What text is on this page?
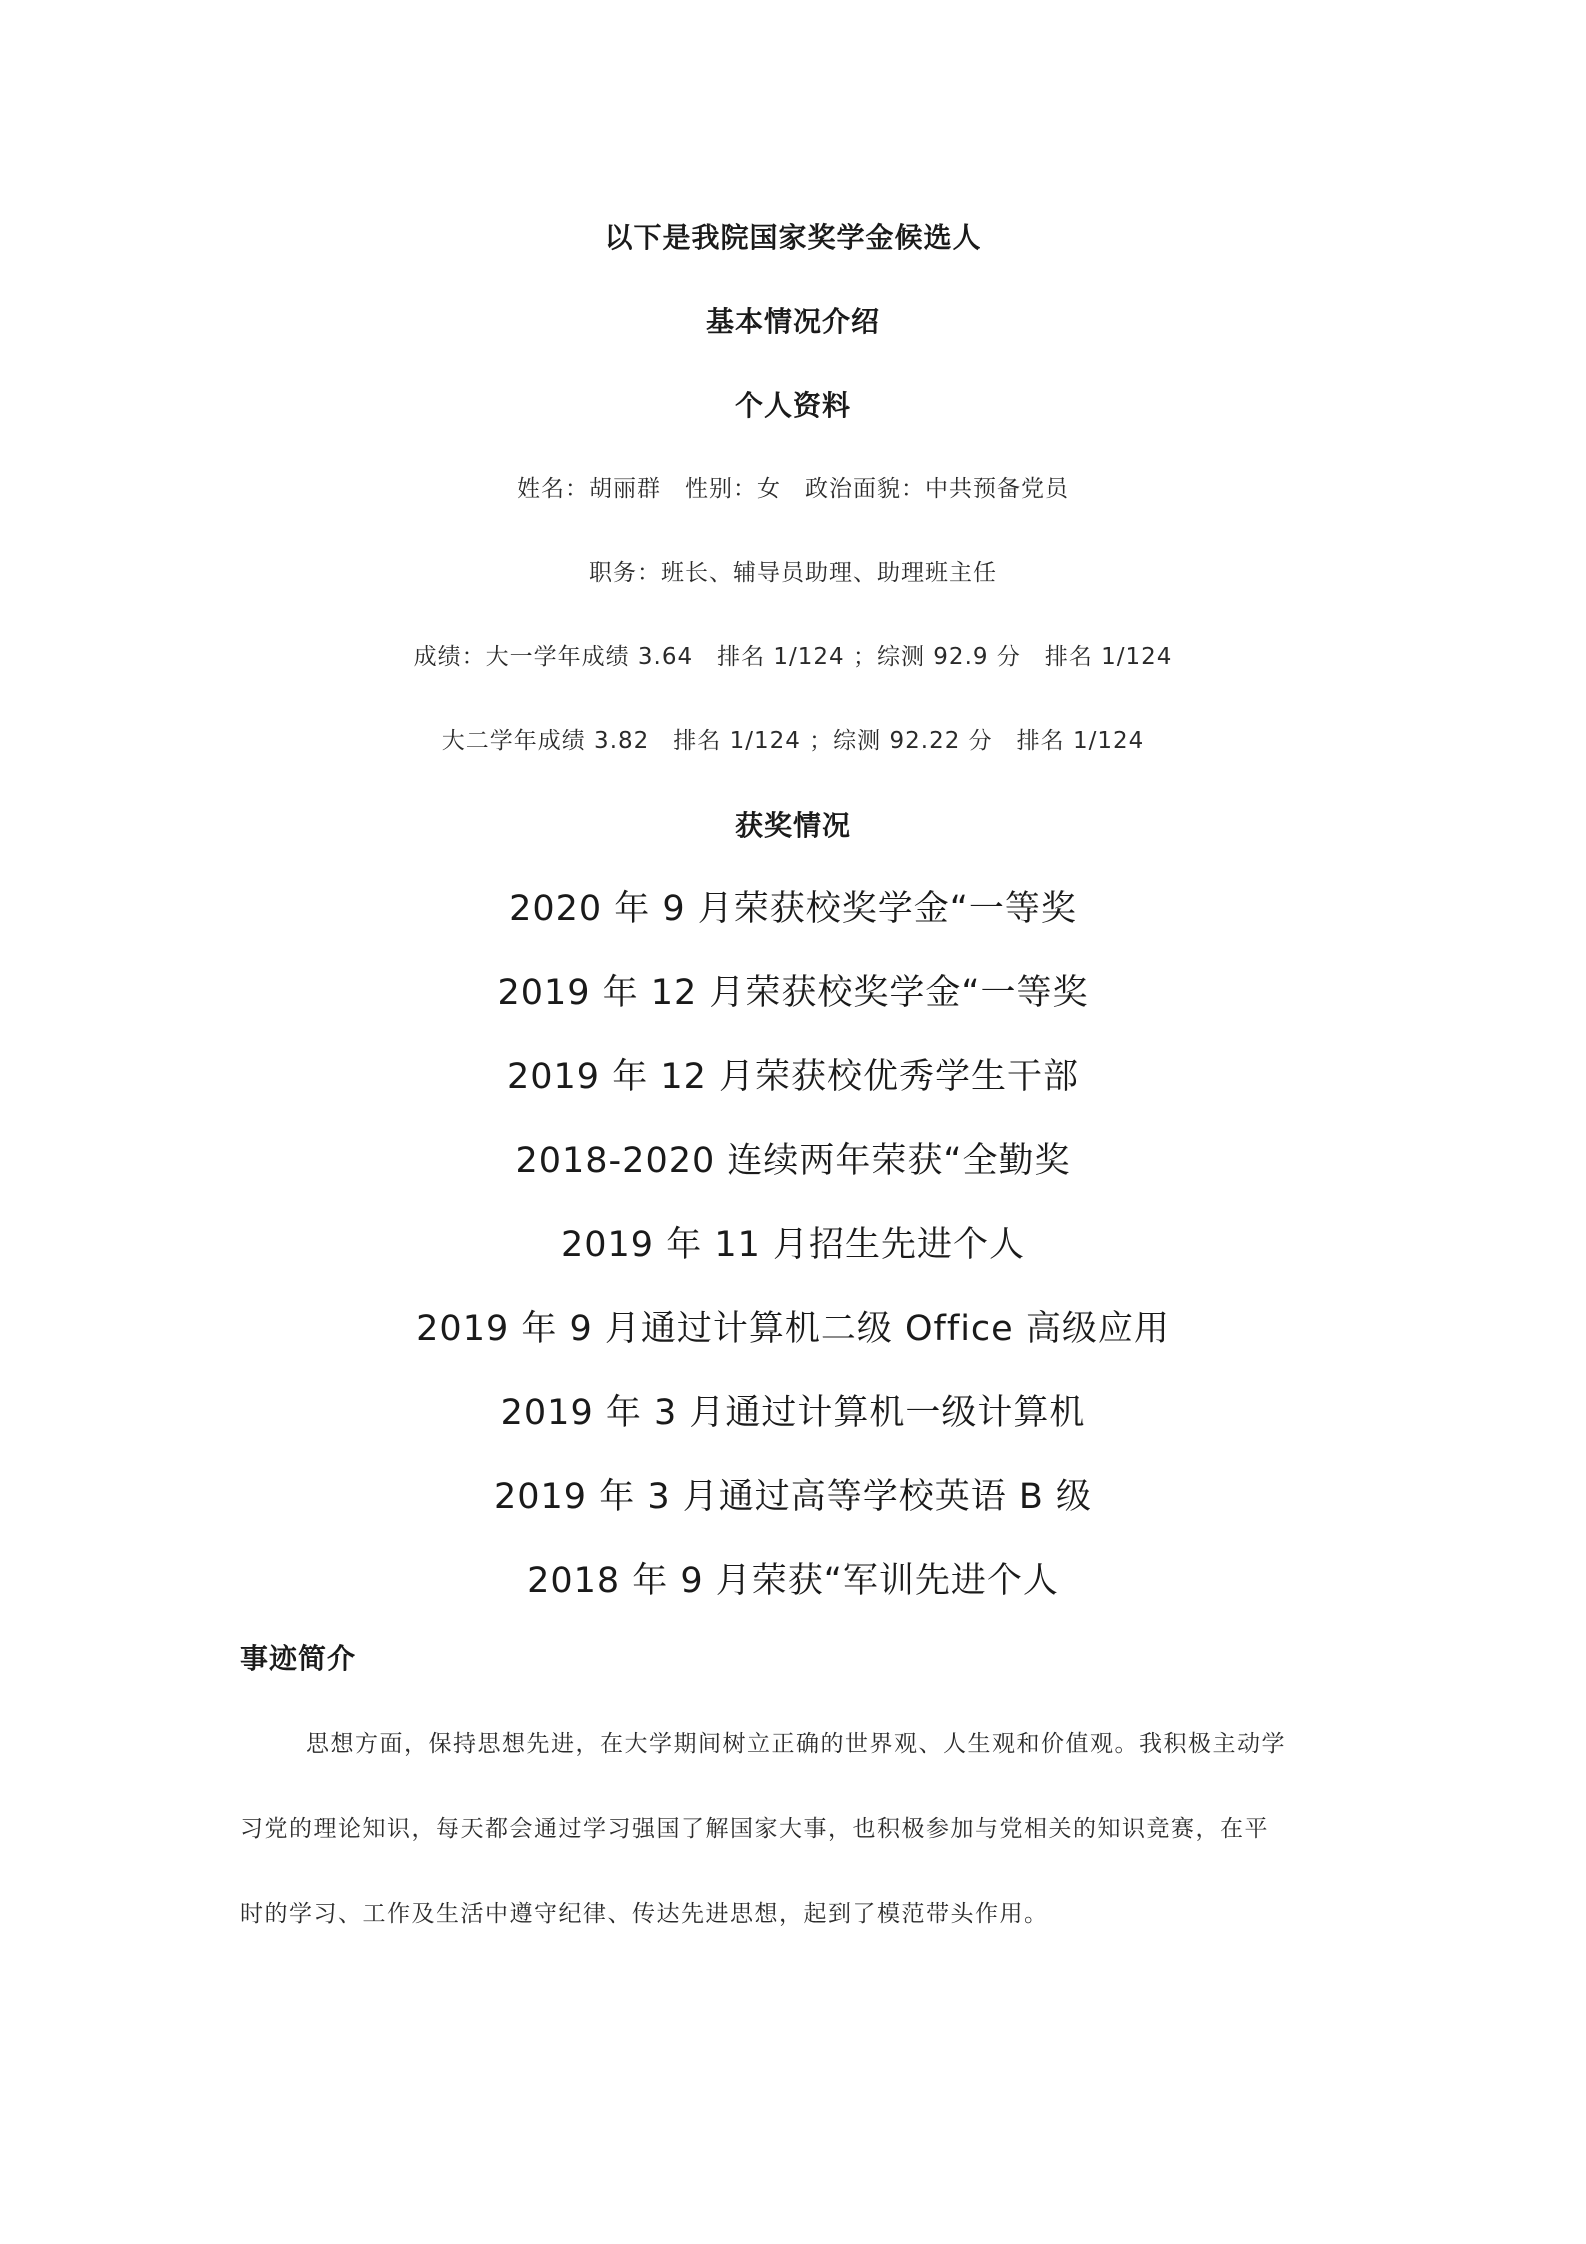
以下是我院国家奖学金候选人
基本情况介绍
个人资料
姓名：胡丽群　性别：女　政治面貌：中共预备党员
职务：班长、辅导员助理、助理班主任
成绩：大一学年成绩 3.64　排名 1/124 ；综测 92.9 分　排名 1/124
大二学年成绩 3.82　排名 1/124 ；综测 92.22 分　排名 1/124
获奖情况
2020 年 9 月荣获校奖学金“一等奖
2019 年 12 月荣获校奖学金“一等奖
2019 年 12 月荣获校优秀学生干部
2018-2020 连续两年荣获“全勤奖
2019 年 11 月招生先进个人
2019 年 9 月通过计算机二级 Office 高级应用
2019 年 3 月通过计算机一级计算机
2019 年 3 月通过高等学校英语 B 级
2018 年 9 月荣获“军训先进个人
事迹简介
思想方面，保持思想先进，在大学期间树立正确的世界观、人生观和价值观。我积极主动学
习党的理论知识，每天都会通过学习强国了解国家大事，也积极参加与党相关的知识竞赛，在平
时的学习、工作及生活中遵守纪律、传达先进思想，起到了模范带头作用。
